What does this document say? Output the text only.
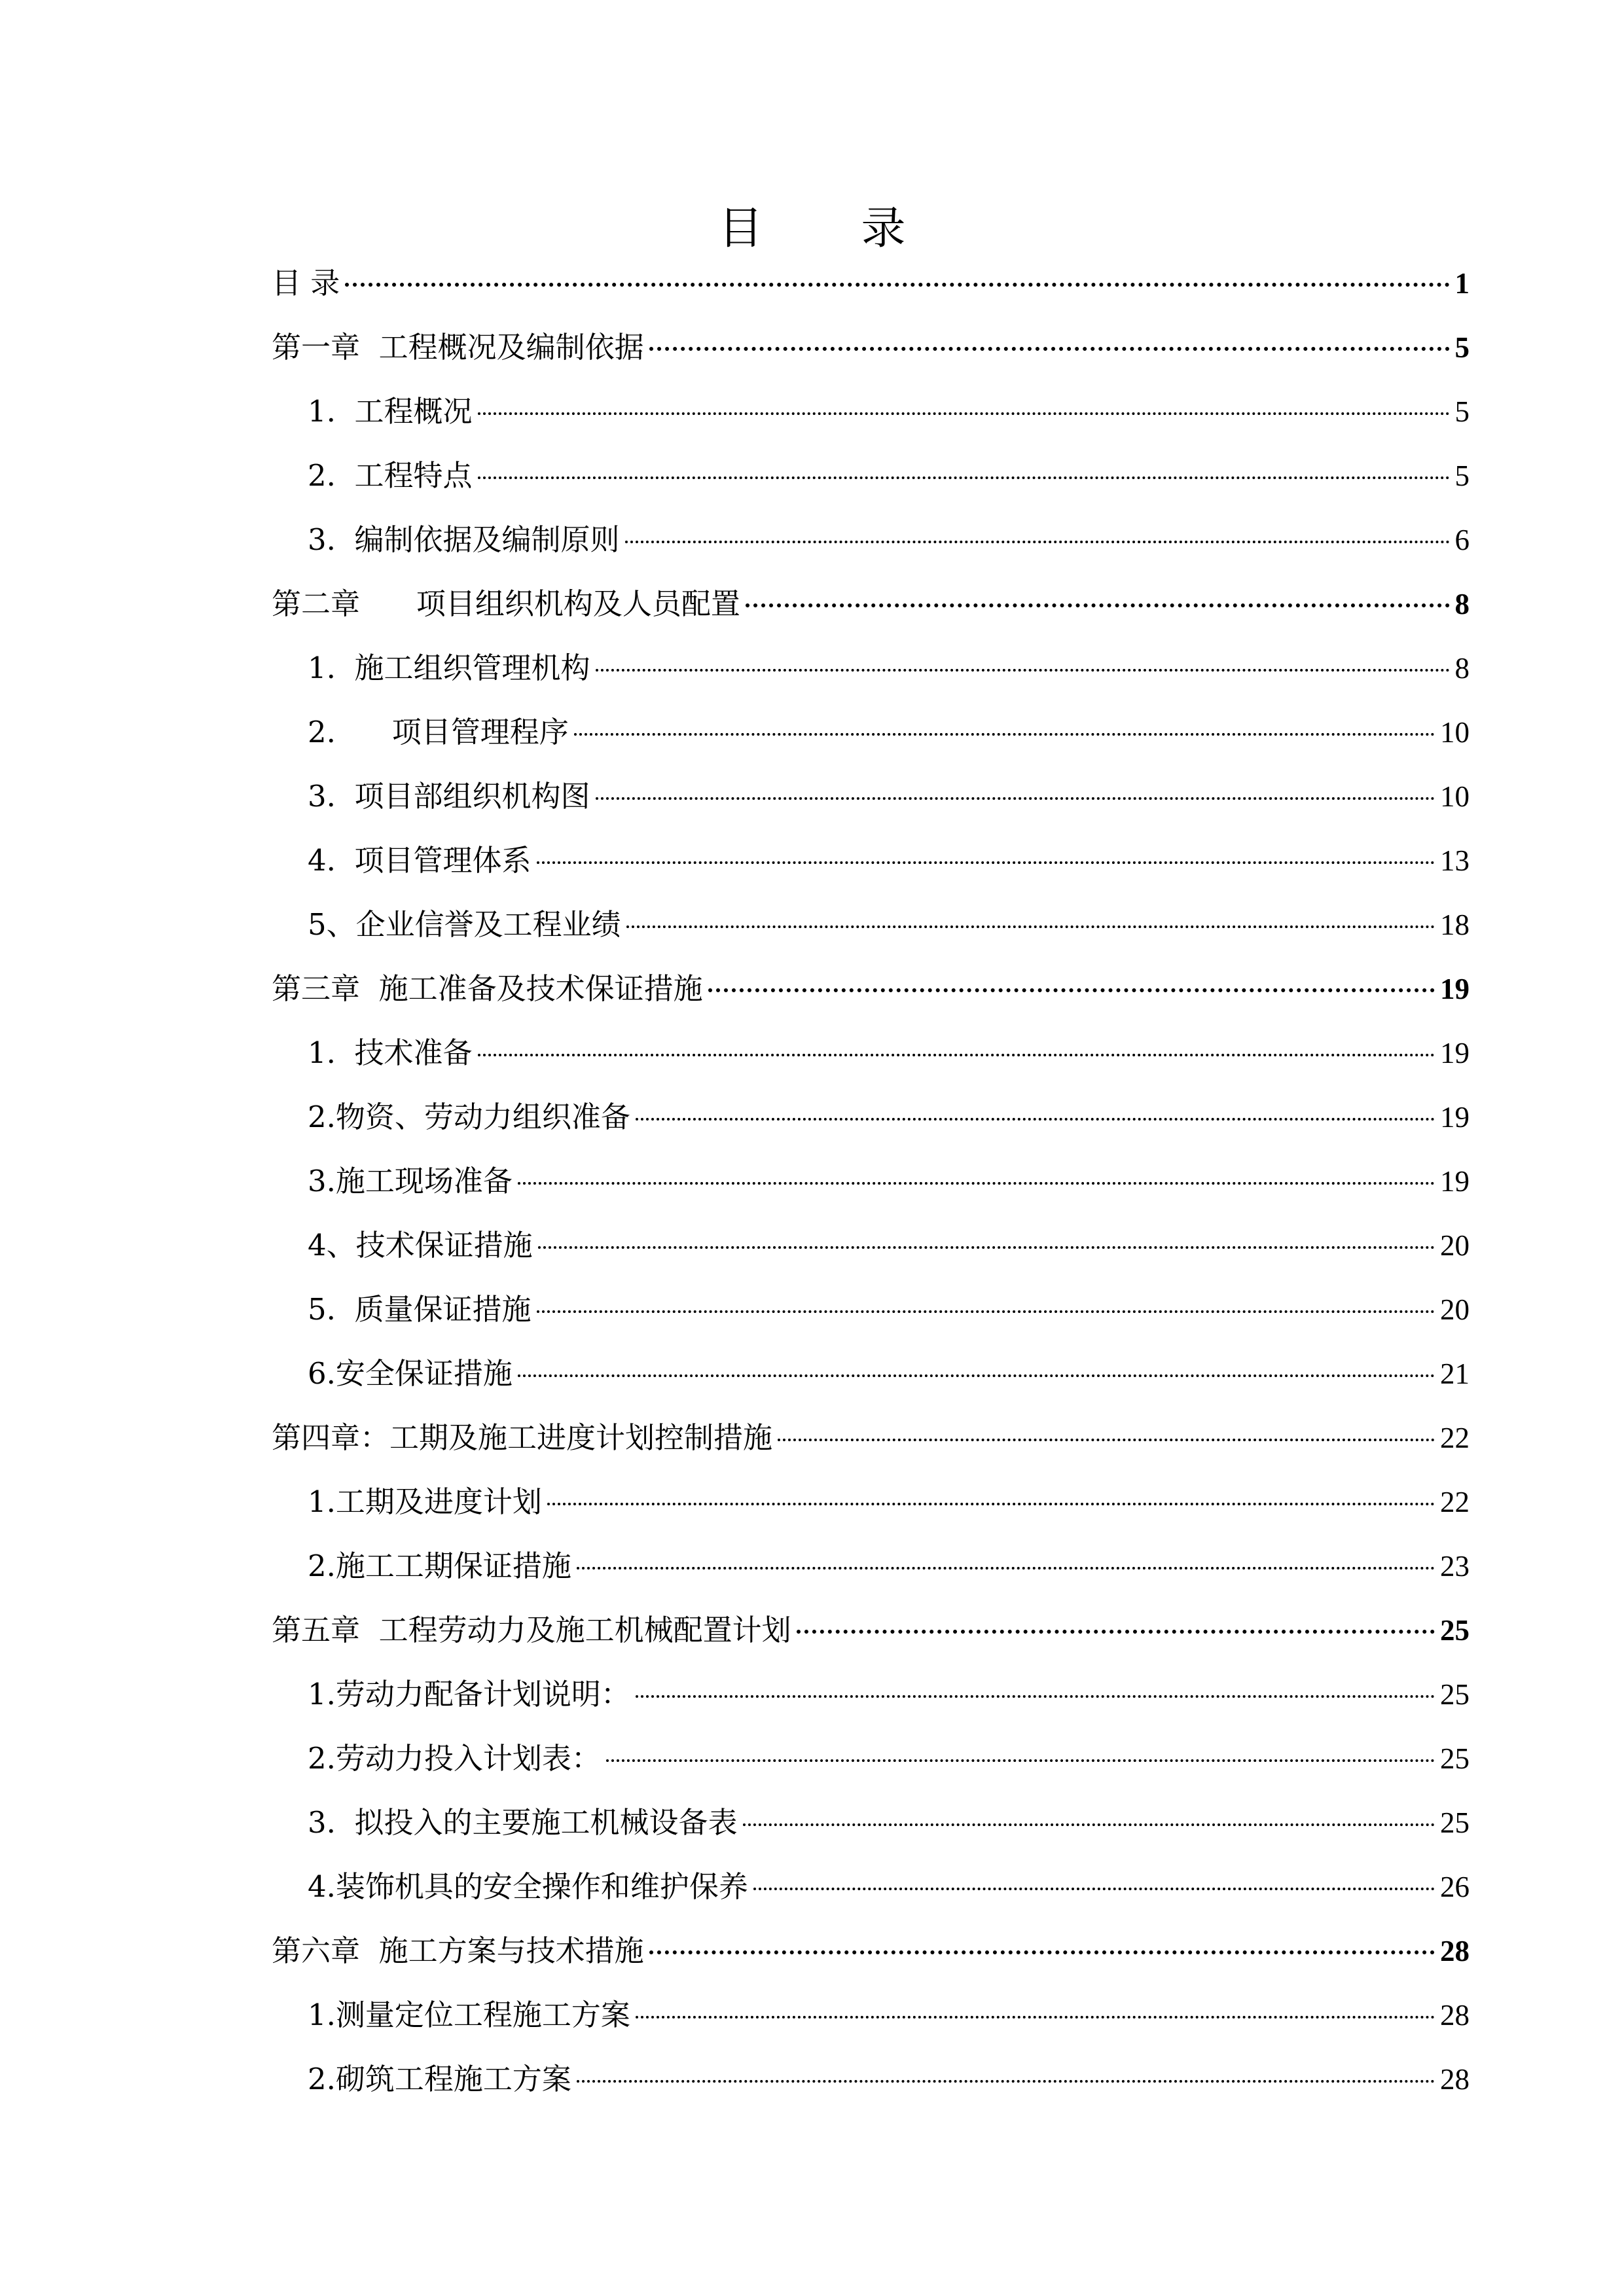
目录
目 录	1
第一章  工程概况及编制依据	5
1.  工程概况	5
2.  工程特点	5
3.  编制依据及编制原则	6
第二章      项目组织机构及人员配置	8
1.  施工组织管理机构	8
2.      项目管理程序	10
3.  项目部组织机构图	10
4.  项目管理体系	13
5、企业信誉及工程业绩	18
第三章  施工准备及技术保证措施	19
1.  技术准备	19
2.物资、劳动力组织准备	19
3.施工现场准备	19
4、技术保证措施	20
5.  质量保证措施	20
6.安全保证措施	21
第四章：工期及施工进度计划控制措施	22
1.工期及进度计划	22
2.施工工期保证措施	23
第五章  工程劳动力及施工机械配置计划	25
1.劳动力配备计划说明：	25
2.劳动力投入计划表：	25
3.  拟投入的主要施工机械设备表	25
4.装饰机具的安全操作和维护保养	26
第六章  施工方案与技术措施	28
1.测量定位工程施工方案	28
2.砌筑工程施工方案	28
